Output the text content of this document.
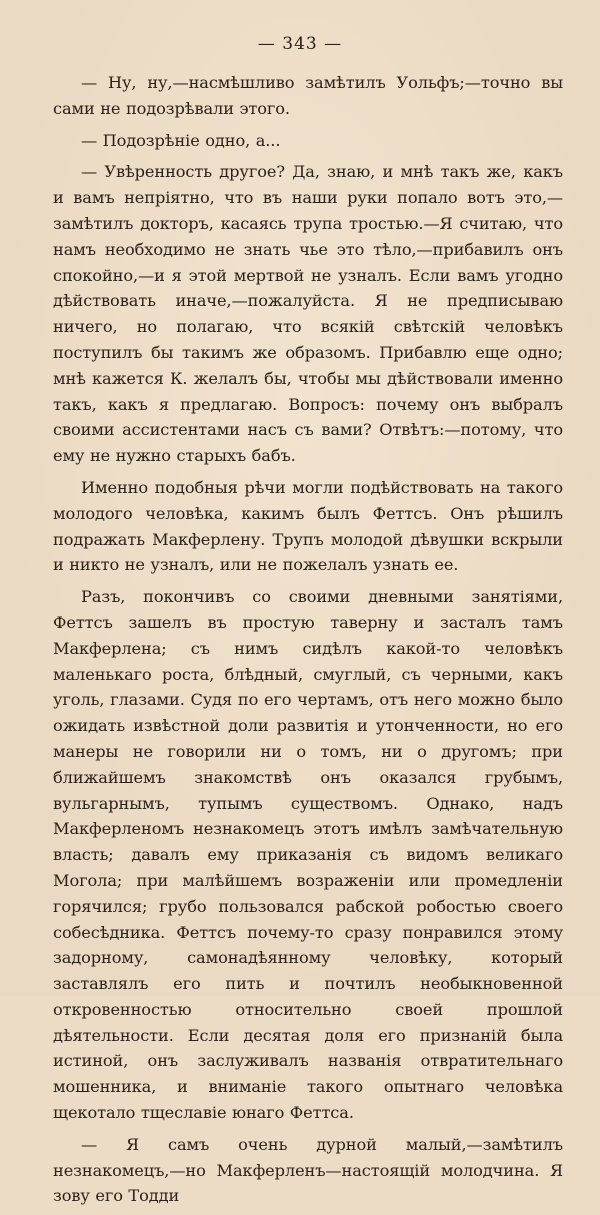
— 343 —

— Ну, ну,—насмѣшливо замѣтилъ Уольфъ;—точно вы сами не подозрѣвали этого.

— Подозрѣнiе одно, а...

— Увѣренность другое? Да, знаю, и мнѣ такъ же, какъ и вамъ непрiятно, что въ наши руки попало вотъ это,—замѣтилъ докторъ, касаясь трупа тростью.—Я считаю, что намъ необходимо не знать чье это тѣло,—прибавилъ онъ спокойно,—и я этой мертвой не узналъ. Если вамъ угодно дѣйствовать иначе,—пожалуйста. Я не предписываю ничего, но полагаю, что всякiй свѣтскiй человѣкъ поступилъ бы такимъ же образомъ. Прибавлю еще одно; мнѣ кажется К. желалъ бы, чтобы мы дѣйствовали именно такъ, какъ я предлагаю. Вопросъ: почему онъ выбралъ своими ассистентами насъ съ вами? Отвѣтъ:—потому, что ему не нужно старыхъ бабъ.

Именно подобныя рѣчи могли подѣйствовать на такого молодого человѣка, какимъ былъ Феттсъ. Онъ рѣшилъ подражать Макферлену. Трупъ молодой дѣвушки вскрыли и никто не узналъ, или не пожелалъ узнать ее.

Разъ, покончивъ со своими дневными занятiями, Феттсъ зашелъ въ простую таверну и засталъ тамъ Макферлена; съ нимъ сидѣлъ какой-то человѣкъ маленькаго роста, блѣдный, смуглый, съ черными, какъ уголь, глазами. Судя по его чертамъ, отъ него можно было ожидать извѣстной доли развитiя и утонченности, но его манеры не говорили ни о томъ, ни о другомъ; при ближайшемъ знакомствѣ онъ оказался грубымъ, вульгарнымъ, тупымъ существомъ. Однако, надъ Макферленомъ незнакомецъ этотъ имѣлъ замѣчательную власть; давалъ ему приказанiя съ видомъ великаго Могола; при малѣйшемъ возраженiи или промедленiи горячился; грубо пользовался рабской робостью своего собесѣдника. Феттсъ почему-то сразу понравился этому задорному, самонадѣянному человѣку, который заставлялъ его пить и почтилъ необыкновенной откровенностью относительно своей прошлой дѣятельности. Если десятая доля его признанiй была истиной, онъ заслуживалъ названiя отвратительнаго мошенника, и вниманiе такого опытнаго человѣка щекотало тщеславiе юнаго Феттса.

— Я самъ очень дурной малый,—замѣтилъ незнакомецъ,—но Макферленъ—настоящiй молодчина. Я зову его Тодди
